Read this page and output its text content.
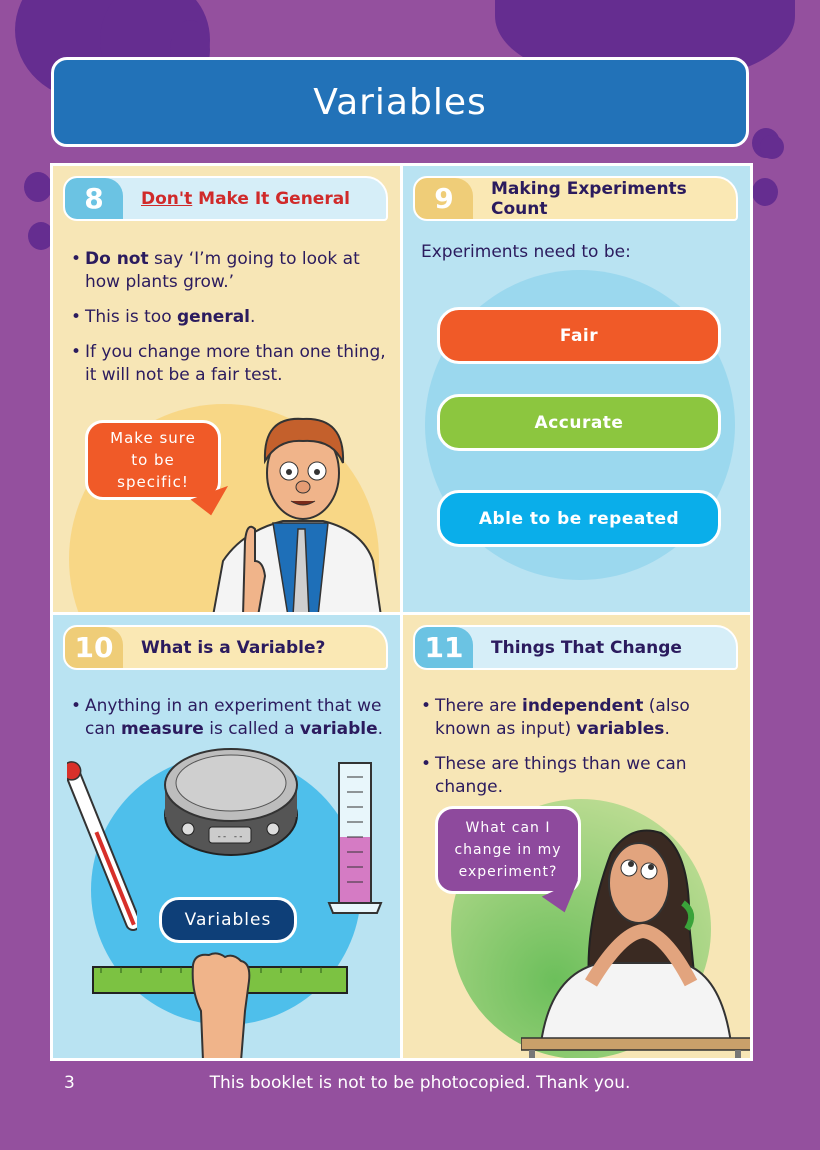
Variables
8	Don't Make It General
• Do not say ‘I’m going to look at how plants grow.’
• This is too general.
• If you change more than one thing, it will not be a fair test.
Make sure to be specific!
9	Making Experiments Count
Experiments need to be:
Fair
Accurate
Able to be repeated
10	What is a Variable?
• Anything in an experiment that we can measure is called a variable.
-- --
Variables
11	Things That Change
• There are independent (also known as input) variables.
• These are things than we can change.
What can I change in my experiment?
3	This booklet is not to be photocopied. Thank you.
